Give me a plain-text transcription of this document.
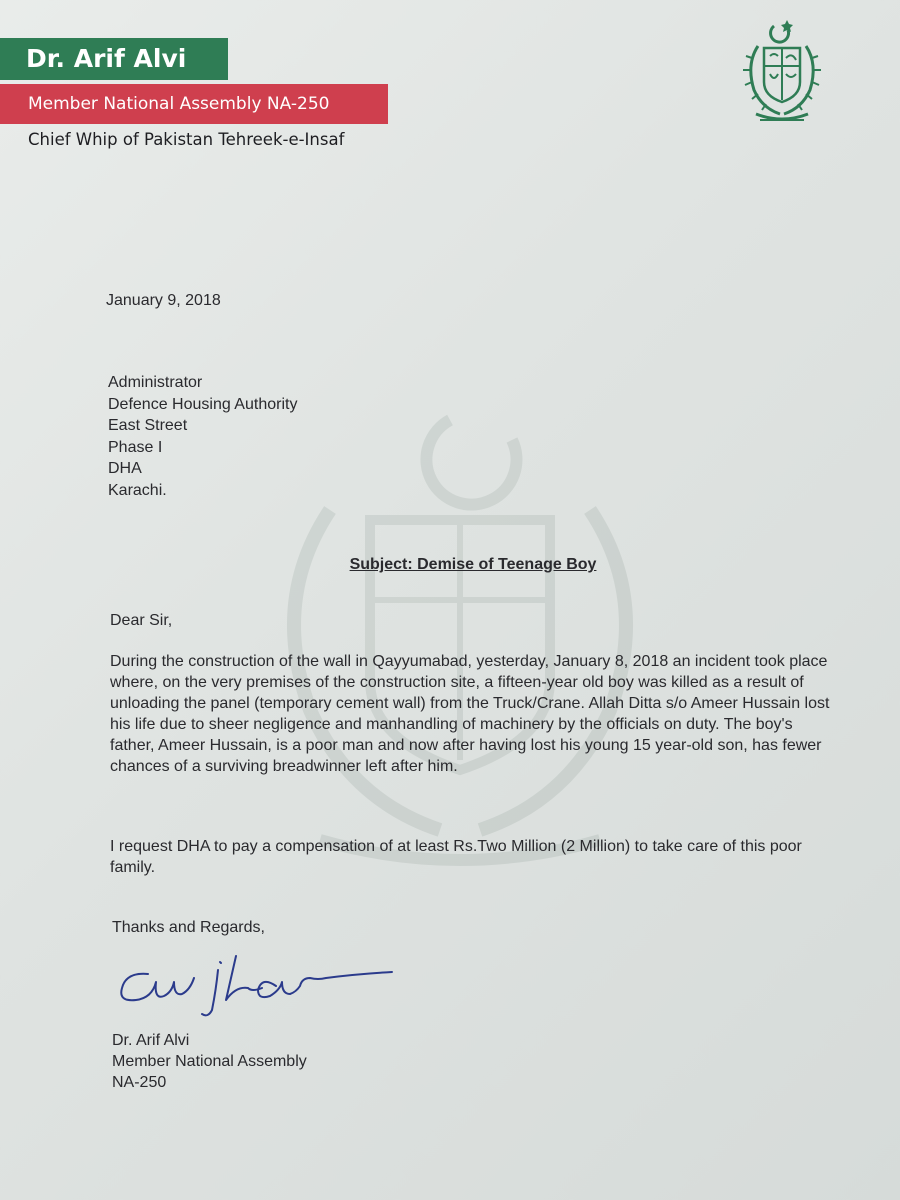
Dr. Arif Alvi
Member National Assembly NA-250
Chief Whip of Pakistan Tehreek-e-Insaf
January 9, 2018
Administrator
Defence Housing Authority
East Street
Phase I
DHA
Karachi.
Subject: Demise of Teenage Boy
Dear Sir,
During the construction of the wall in Qayyumabad, yesterday, January 8, 2018 an incident took place where, on the very premises of the construction site, a fifteen-year old boy was killed as a result of unloading the panel (temporary cement wall) from the Truck/Crane. Allah Ditta s/o Ameer Hussain lost his life due to sheer negligence and manhandling of machinery by the officials on duty. The boy's father, Ameer Hussain, is a poor man and now after having lost his young 15 year-old son, has fewer chances of a surviving breadwinner left after him.
I request DHA to pay a compensation of at least Rs.Two Million (2 Million) to take care of this poor family.
Thanks and Regards,
Dr. Arif Alvi
Member National Assembly
NA-250
